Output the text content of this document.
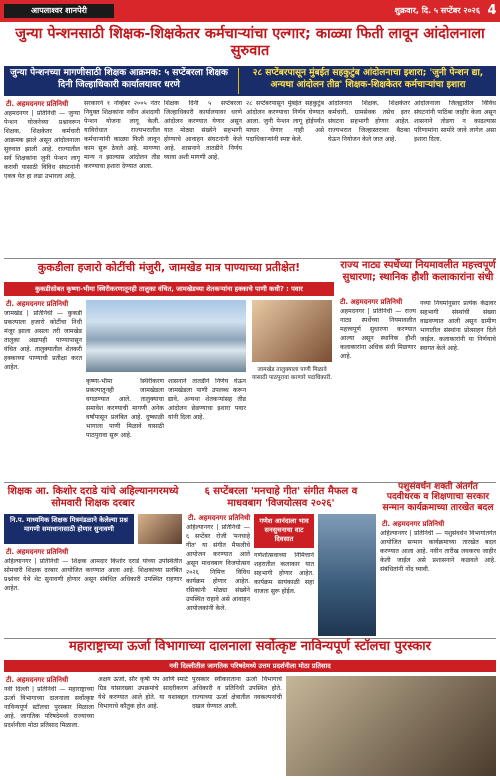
आपलाश्वर शानपेरी	शुक्रवार, दि. ५ सप्टेंबर २०२६ 4
जुन्या पेन्शनसाठी शिक्षक-शिक्षकेतर कर्मचाऱ्यांचा एल्गार; काळ्या फिती लावून आंदोलनाला सुरुवात
जुन्या पेन्शनच्या मागणीसाठी शिक्षक आक्रमक: ५ सप्टेंबरला शिक्षक दिनी जिल्हाधिकारी कार्यालयावर धरणे
२८ सप्टेंबरपासून मुंबईत सहकुटुंब आंदोलनाचा इशारा; 'जुनी पेन्शन द्या, अन्यथा आंदोलन तीव्र' शिक्षक-शिक्षकेतर कर्मचाऱ्यांचा इशारा
टी. अहमदनगर प्रतिनिधी
अहमदनगर | प्रतिनिधी — जुन्या पेन्शन योजनेच्या प्रश्नावरून शिक्षक, शिक्षकेतर कर्मचारी आक्रमक झाले असून आंदोलनाला सुरुवात झाली आहे. राज्यातील सर्व शिक्षकांना जुनी पेन्शन लागू करावी यासाठी विविध संघटनांनी एकत्र येत हा लढा उभारला आहे.
सरकारने १ नोव्हेंबर २००५ नंतर नियुक्त शिक्षकांना नवीन अंशदायी पेन्शन योजना लागू केली. याविरोधात राज्यभरातील कर्मचाऱ्यांनी काळ्या फिती लावून काम सुरू ठेवले आहे. मागण्या मान्य न झाल्यास आंदोलन तीव्र करण्याचा इशारा देण्यात आला.
शिक्षक दिनी ५ सप्टेंबरला जिल्हाधिकारी कार्यालयावर धरणे आंदोलन करण्यात येणार असून यात मोठ्या संख्येने सहभागी होण्याचे आवाहन संघटनांनी केले आहे. शासनाने तातडीने निर्णय घ्यावा अशी मागणी आहे.
२८ सप्टेंबरपासून मुंबईत सहकुटुंब आंदोलन करण्याचा निर्णय घेण्यात आला. जुनी पेन्शन लागू होईपर्यंत माघार घेणार नाही असे पदाधिकाऱ्यांनी स्पष्ट केले.
आंदोलनात शिक्षक, शिक्षकेतर कर्मचारी, ग्रामसेवक तसेच इतर संघटना सहभागी होणार आहेत. राज्यभरात जिल्हास्तरावर बैठका घेऊन नियोजन केले जात आहे.
आंदोलनाला जिल्ह्यातील विविध संघटनांनी पाठिंबा जाहीर केला असून शासनाने तोडगा न काढल्यास परिणामांना सामोरे जावे लागेल असा इशारा दिला.
कुकडीला हजारो कोटींची मंजुरी, जामखेड मात्र पाण्याच्या प्रतीक्षेत!
कुकडीसोबत कृष्णा-भीमा स्थिरीकरणातूनही तालुका वंचित, जामखेडच्या शेतकऱ्यांना हक्काचे पाणी कधी? : पवार
टी. अहमदनगर प्रतिनिधी
जामखेड | प्रतिनिधी — कुकडी प्रकल्पाला हजारो कोटींचा निधी मंजूर झाला असला तरी जामखेड तालुका अद्यापही पाण्यापासून वंचित आहे. तालुक्यातील शेतकरी हक्काच्या पाण्याची प्रतीक्षा करत आहेत.
कृष्णा-भीमा स्थिरीकरण प्रकल्पातूनही जामखेडला वगळण्यात आले. तालुक्याचा समावेश करण्याची मागणी अनेक वर्षांपासून प्रलंबित आहे. दुष्काळी भागाला पाणी मिळावे यासाठी पाठपुरावा सुरू आहे.
शासनाने तातडीने निर्णय घेऊन जामखेडला पाणी उपलब्ध करून द्यावे, अन्यथा शेतकऱ्यांसह तीव्र आंदोलन छेडण्याचा इशारा पवार यांनी दिला आहे.
जामखेड तालुक्याला पाणी मिळावे यासाठी पाठपुरावा करणारे पदाधिकारी.
राज्य नाट्य स्पर्धेच्या नियमावलीत महत्त्वपूर्ण सुधारणा; स्थानिक हौशी कलाकारांना संधी
टी. अहमदनगर प्रतिनिधी
अहमदनगर | प्रतिनिधी — राज्य नाट्य स्पर्धेच्या नियमावलीत महत्त्वपूर्ण सुधारणा करण्यात आल्या असून स्थानिक हौशी कलाकारांना अधिक संधी मिळणार आहे.
नव्या नियमांनुसार प्रत्येक केंद्रावर सहभागी संस्थांची संख्या वाढवण्यात आली असून ग्रामीण भागातील संस्थांना प्रोत्साहन दिले जाईल. कलाकारांनी या निर्णयाचे स्वागत केले आहे.
शिक्षक आ. किशोर दराडे यांचे अहिल्यानगरमध्ये सोमवारी शिक्षक दरबार
नि.प. माध्यमिक शिक्षक मित्रमंडळाने केलेल्या प्रश्न मागणी समाधानासाठी होणार सुनावणी
टी. अहमदनगर प्रतिनिधी
अहिल्यानगर | प्रतिनिधी — शिक्षक आमदार किशोर दराडे यांच्या उपस्थितीत सोमवारी शिक्षक दरबार आयोजित करण्यात आला आहे. शिक्षकांच्या प्रलंबित प्रश्नांवर येथे थेट सुनावणी होणार असून संबंधित अधिकारी उपस्थित राहणार आहेत.
६ सप्टेंबरला 'मनचाहे गीत' संगीत मैफल व माधवबाग 'विजयोत्सव २०२६'
टी. अहमदनगर प्रतिनिधी
अहिल्यानगर | प्रतिनिधी — ६ सप्टेंबर रोजी 'मनचाहे गीत' या संगीत मैफलीचे आयोजन करण्यात आले असून माधवबाग विजयोत्सव २०२६ निमित्त विविध कार्यक्रम होणार आहेत. रसिकांनी मोठ्या संख्येने उपस्थित राहावे असे आवाहन आयोजकांनी केले.
गणेश आनंदाला भाव सनसुचनाचा वाट दिवसात
गणेशोत्सवाच्या निमित्ताने शहरातील कलाकार यात सहभागी होणार आहेत. कार्यक्रम सायंकाळी सहा वाजता सुरू होईल.
पशुसंवर्धन शक्ती अंतर्गत पदवीधरक व शिक्षणाचा सरकार सन्मान कार्यक्रमाच्या तारखेत बदल
टी. अहमदनगर प्रतिनिधी
अहिल्यानगर | प्रतिनिधी — पशुसंवर्धन विभागांतर्गत आयोजित सन्मान कार्यक्रमाच्या तारखेत बदल करण्यात आला आहे. नवीन तारीख लवकरच जाहीर केली जाईल असे प्रशासनाने कळवले आहे. संबंधितांनी नोंद घ्यावी.
महाराष्ट्राच्या ऊर्जा विभागाच्या दालनाला सर्वोत्कृष्ट नाविन्यपूर्ण स्टॉलचा पुरस्कार
नवी दिल्लीतील जागतिक परिषदेमध्ये उत्तम प्रदर्शनीला मोठा प्रतिसाद
टी. अहमदनगर प्रतिनिधी
नवी दिल्ली | प्रतिनिधी — महाराष्ट्राच्या ऊर्जा विभागाच्या दालनाला सर्वोत्कृष्ट नाविन्यपूर्ण स्टॉलचा पुरस्कार मिळाला आहे. जागतिक परिषदेमध्ये राज्याच्या प्रदर्शनीला मोठा प्रतिसाद मिळाला.
अक्षय ऊर्जा, सौर कृषी पंप आणि स्मार्ट ग्रिड यांसारख्या उपक्रमांचे सादरीकरण येथे करण्यात आले होते. या यशाबद्दल विभागाचे कौतुक होत आहे.
पुरस्कार स्वीकारताना ऊर्जा विभागाचे अधिकारी व प्रतिनिधी उपस्थित होते. राज्याच्या ऊर्जा क्षेत्रातील नवकल्पनांची दखल घेण्यात आली.
